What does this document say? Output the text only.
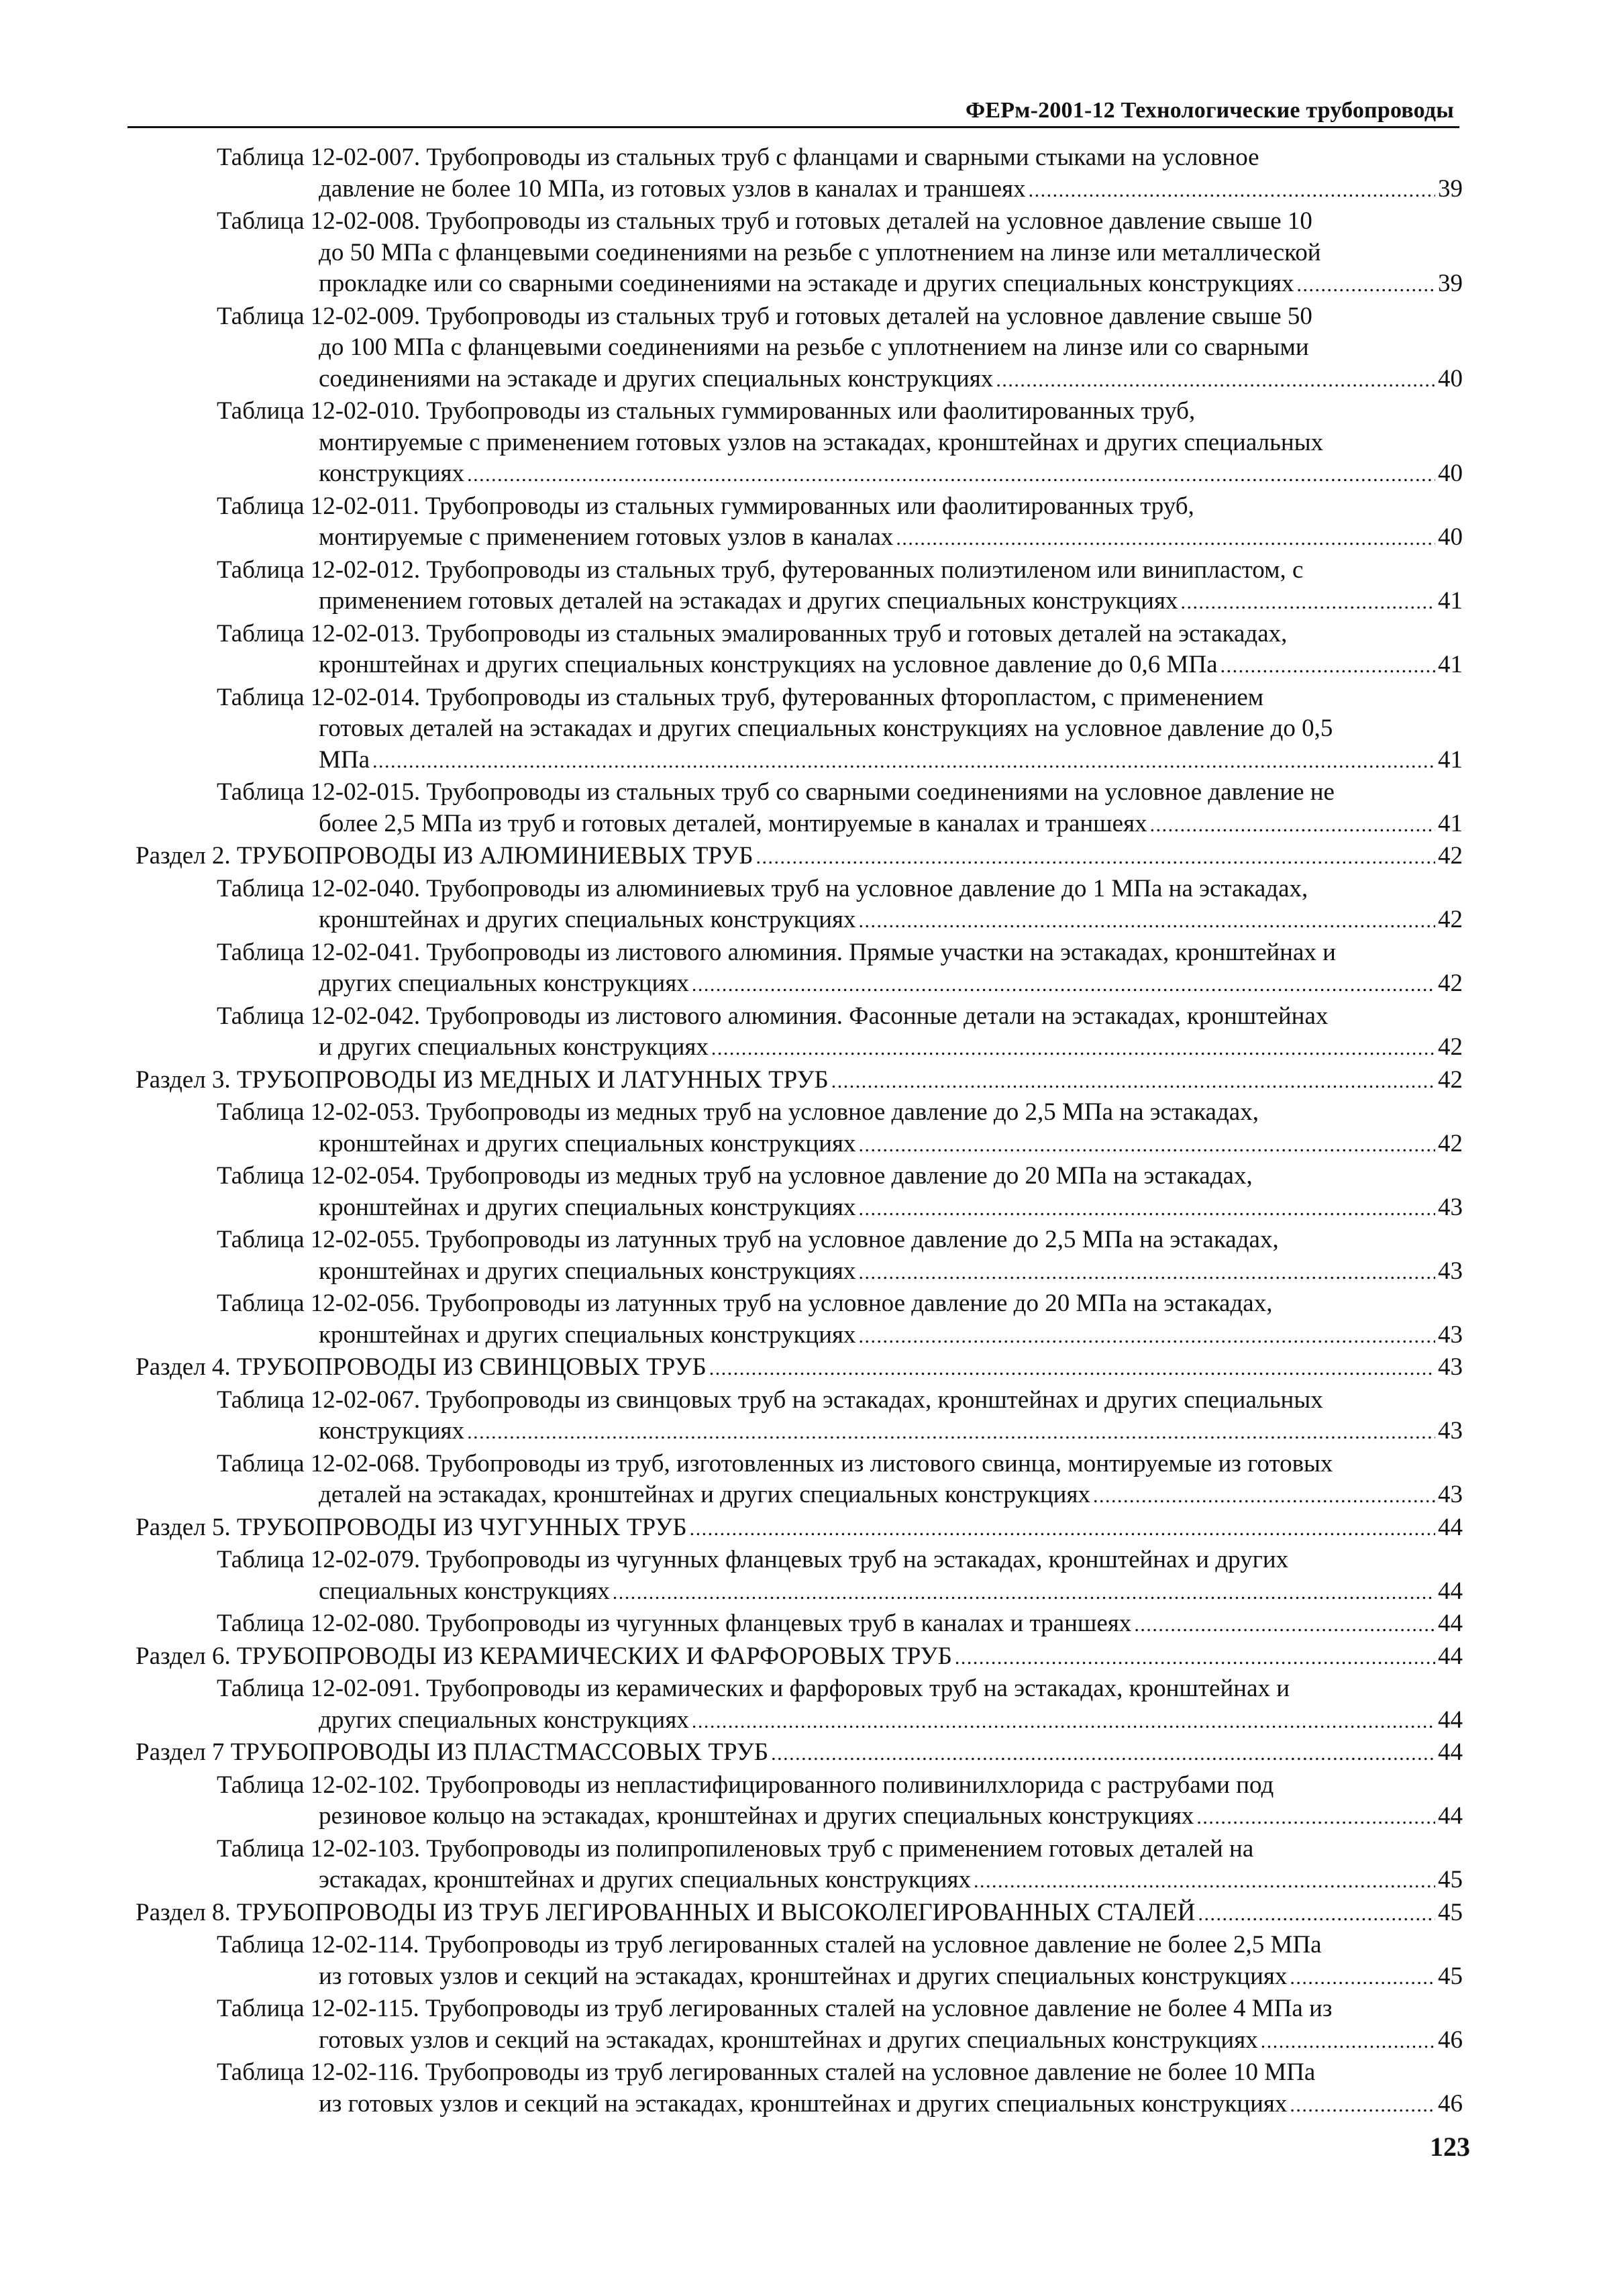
ФЕРм-2001-12 Технологические трубопроводы
Таблица 12-02-007. Трубопроводы из стальных труб с фланцами и сварными стыками на условное
давление не более 10 МПа, из готовых узлов в каналах и траншеях . . .	39
Таблица 12-02-008. Трубопроводы из стальных труб и готовых деталей на условное давление свыше 10
до 50 МПа с фланцевыми соединениями на резьбе с уплотнением на линзе или металлической
прокладке или со сварными соединениями на эстакаде и других специальных конструкциях . . .	39
Таблица 12-02-009. Трубопроводы из стальных труб и готовых деталей на условное давление свыше 50
до 100 МПа с фланцевыми соединениями на резьбе с уплотнением на линзе или со сварными
соединениями на эстакаде и других специальных конструкциях . . .	40
Таблица 12-02-010. Трубопроводы из стальных гуммированных или фаолитированных труб,
монтируемые с применением готовых узлов на эстакадах, кронштейнах и других специальных
конструкциях . . .	40
Таблица 12-02-011. Трубопроводы из стальных гуммированных или фаолитированных труб,
монтируемые с применением готовых узлов в каналах . . .	40
Таблица 12-02-012. Трубопроводы из стальных труб, футерованных полиэтиленом или винипластом, с
применением готовых деталей на эстакадах и других специальных конструкциях . . .	41
Таблица 12-02-013. Трубопроводы из стальных эмалированных труб и готовых деталей на эстакадах,
кронштейнах и других специальных конструкциях на условное давление до 0,6 МПа . . .	41
Таблица 12-02-014. Трубопроводы из стальных труб, футерованных фторопластом, с применением
готовых деталей на эстакадах и других специальных конструкциях на условное давление до 0,5
МПа . . .	41
Таблица 12-02-015. Трубопроводы из стальных труб со сварными соединениями на условное давление не
более 2,5 МПа из труб и готовых деталей, монтируемые в каналах и траншеях . . .	41
Раздел 2. ТРУБОПРОВОДЫ ИЗ АЛЮМИНИЕВЫХ ТРУБ . . .	42
Таблица 12-02-040. Трубопроводы из алюминиевых труб на условное давление до 1 МПа на эстакадах,
кронштейнах и других специальных конструкциях . . .	42
Таблица 12-02-041. Трубопроводы из листового алюминия. Прямые участки на эстакадах, кронштейнах и
других специальных конструкциях . . .	42
Таблица 12-02-042. Трубопроводы из листового алюминия. Фасонные детали на эстакадах, кронштейнах
и других специальных конструкциях . . .	42
Раздел 3. ТРУБОПРОВОДЫ ИЗ МЕДНЫХ И ЛАТУННЫХ ТРУБ . . .	42
Таблица 12-02-053. Трубопроводы из медных труб на условное давление до 2,5 МПа на эстакадах,
кронштейнах и других специальных конструкциях . . .	42
Таблица 12-02-054. Трубопроводы из медных труб на условное давление до 20 МПа на эстакадах,
кронштейнах и других специальных конструкциях . . .	43
Таблица 12-02-055. Трубопроводы из латунных труб на условное давление до 2,5 МПа на эстакадах,
кронштейнах и других специальных конструкциях . . .	43
Таблица 12-02-056. Трубопроводы из латунных труб на условное давление до 20 МПа на эстакадах,
кронштейнах и других специальных конструкциях . . .	43
Раздел 4. ТРУБОПРОВОДЫ ИЗ СВИНЦОВЫХ ТРУБ . . .	43
Таблица 12-02-067. Трубопроводы из свинцовых труб на эстакадах, кронштейнах и других специальных
конструкциях . . .	43
Таблица 12-02-068. Трубопроводы из труб, изготовленных из листового свинца, монтируемые из готовых
деталей на эстакадах, кронштейнах и других специальных конструкциях . . .	43
Раздел 5. ТРУБОПРОВОДЫ ИЗ ЧУГУННЫХ ТРУБ . . .	44
Таблица 12-02-079. Трубопроводы из чугунных фланцевых труб на эстакадах, кронштейнах и других
специальных конструкциях . . .	44
Таблица 12-02-080. Трубопроводы из чугунных фланцевых труб в каналах и траншеях . . .	44
Раздел 6. ТРУБОПРОВОДЫ ИЗ КЕРАМИЧЕСКИХ И ФАРФОРОВЫХ ТРУБ . . .	44
Таблица 12-02-091. Трубопроводы из керамических и фарфоровых труб на эстакадах, кронштейнах и
других специальных конструкциях . . .	44
Раздел 7 ТРУБОПРОВОДЫ ИЗ ПЛАСТМАССОВЫХ ТРУБ . . .	44
Таблица 12-02-102. Трубопроводы из непластифицированного поливинилхлорида с раструбами под
резиновое кольцо на эстакадах, кронштейнах и других специальных конструкциях . . .	44
Таблица 12-02-103. Трубопроводы из полипропиленовых труб с применением готовых деталей на
эстакадах, кронштейнах и других специальных конструкциях . . .	45
Раздел 8. ТРУБОПРОВОДЫ ИЗ ТРУБ ЛЕГИРОВАННЫХ И ВЫСОКОЛЕГИРОВАННЫХ СТАЛЕЙ . . .	45
Таблица 12-02-114. Трубопроводы из труб легированных сталей на условное давление не более 2,5 МПа
из готовых узлов и секций на эстакадах, кронштейнах и других специальных конструкциях . . .	45
Таблица 12-02-115. Трубопроводы из труб легированных сталей на условное давление не более 4 МПа из
готовых узлов и секций на эстакадах, кронштейнах и других специальных конструкциях . . .	46
Таблица 12-02-116. Трубопроводы из труб легированных сталей на условное давление не более 10 МПа
из готовых узлов и секций на эстакадах, кронштейнах и других специальных конструкциях . . .	46
123
